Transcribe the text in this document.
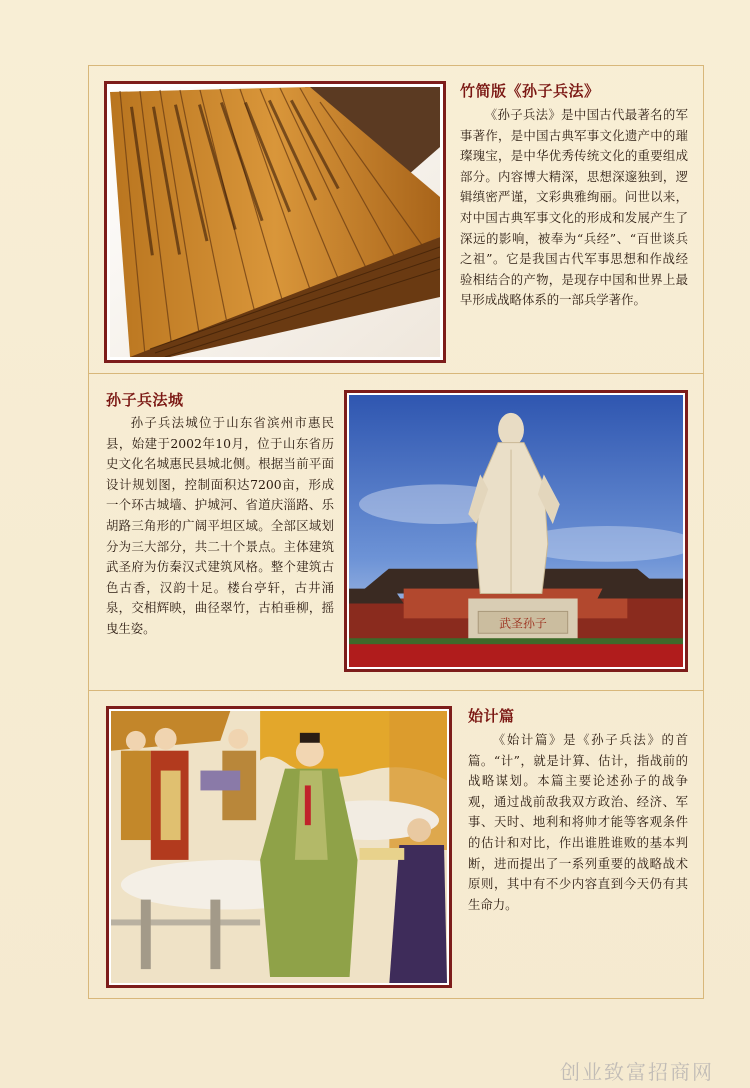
竹简版《孙子兵法》

《孙子兵法》是中国古代最著名的军事著作，是中国古典军事文化遗产中的璀璨瑰宝，是中华优秀传统文化的重要组成部分。内容博大精深，思想深邃独到，逻辑缜密严谨，文彩典雅绚丽。问世以来，对中国古典军事文化的形成和发展产生了深远的影响，被奉为“兵经”、“百世谈兵之祖”。它是我国古代军事思想和作战经验相结合的产物，是现存中国和世界上最早形成战略体系的一部兵学著作。

孙子兵法城

孙子兵法城位于山东省滨州市惠民县，始建于2002年10月，位于山东省历史文化名城惠民县城北侧。根据当前平面设计规划图，控制面积达7200亩，形成一个环古城墙、护城河、省道庆淄路、乐胡路三角形的广阔平坦区域。全部区域划分为三大部分，共二十个景点。主体建筑武圣府为仿秦汉式建筑风格。整个建筑古色古香，汉韵十足。楼台亭轩，古井涌泉，交相辉映，曲径翠竹，古柏垂柳，摇曳生姿。	武圣孙子
始计篇

《始计篇》是《孙子兵法》的首篇。“计”，就是计算、估计，指战前的战略谋划。本篇主要论述孙子的战争观，通过战前敌我双方政治、经济、军事、天时、地利和将帅才能等客观条件的估计和对比，作出谁胜谁败的基本判断，进而提出了一系列重要的战略战术原则，其中有不少内容直到今天仍有其生命力。

创业致富招商网
